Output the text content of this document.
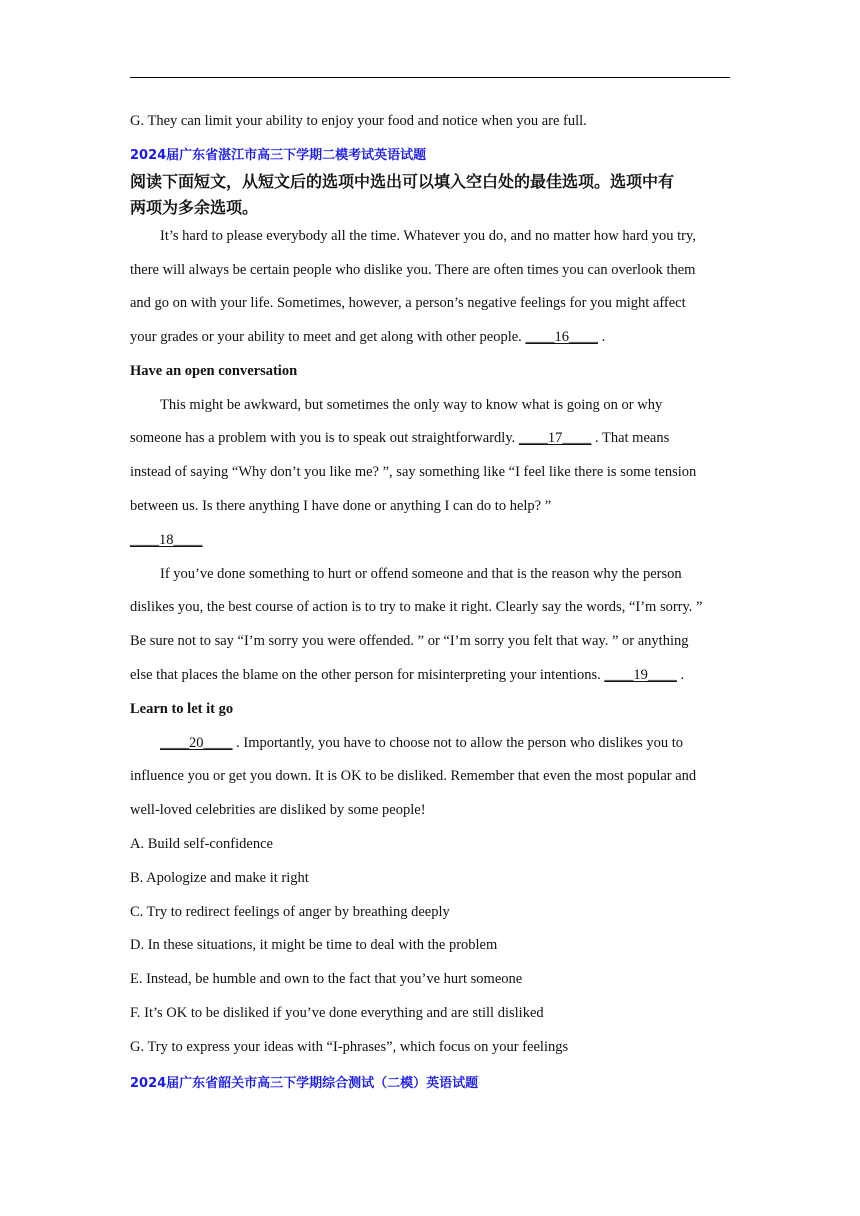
G. They can limit your ability to enjoy your food and notice when you are full.
2024届广东省湛江市高三下学期二模考试英语试题
阅读下面短文，从短文后的选项中选出可以填入空白处的最佳选项。选项中有
两项为多余选项。
It’s hard to please everybody all the time. Whatever you do, and no matter how hard you try,
there will always be certain people who dislike you. There are often times you can overlook them
and go on with your life. Sometimes, however, a person’s negative feelings for you might affect
your grades or your ability to meet and get along with other people. ____16____ .
Have an open conversation
This might be awkward, but sometimes the only way to know what is going on or why
someone has a problem with you is to speak out straightforwardly. ____17____ . That means
instead of saying “Why don’t you like me? ”, say something like “I feel like there is some tension
between us. Is there anything I have done or anything I can do to help? ”
____18____
If you’ve done something to hurt or offend someone and that is the reason why the person
dislikes you, the best course of action is to try to make it right. Clearly say the words, “I’m sorry. ”
Be sure not to say “I’m sorry you were offended. ” or “I’m sorry you felt that way. ” or anything
else that places the blame on the other person for misinterpreting your intentions. ____19____ .
Learn to let it go
____20____ . Importantly, you have to choose not to allow the person who dislikes you to
influence you or get you down. It is OK to be disliked. Remember that even the most popular and
well-loved celebrities are disliked by some people!
A. Build self-confidence
B. Apologize and make it right
C. Try to redirect feelings of anger by breathing deeply
D. In these situations, it might be time to deal with the problem
E. Instead, be humble and own to the fact that you’ve hurt someone
F. It’s OK to be disliked if you’ve done everything and are still disliked
G. Try to express your ideas with “I-phrases”, which focus on your feelings
2024届广东省韶关市高三下学期综合测试（二模）英语试题
